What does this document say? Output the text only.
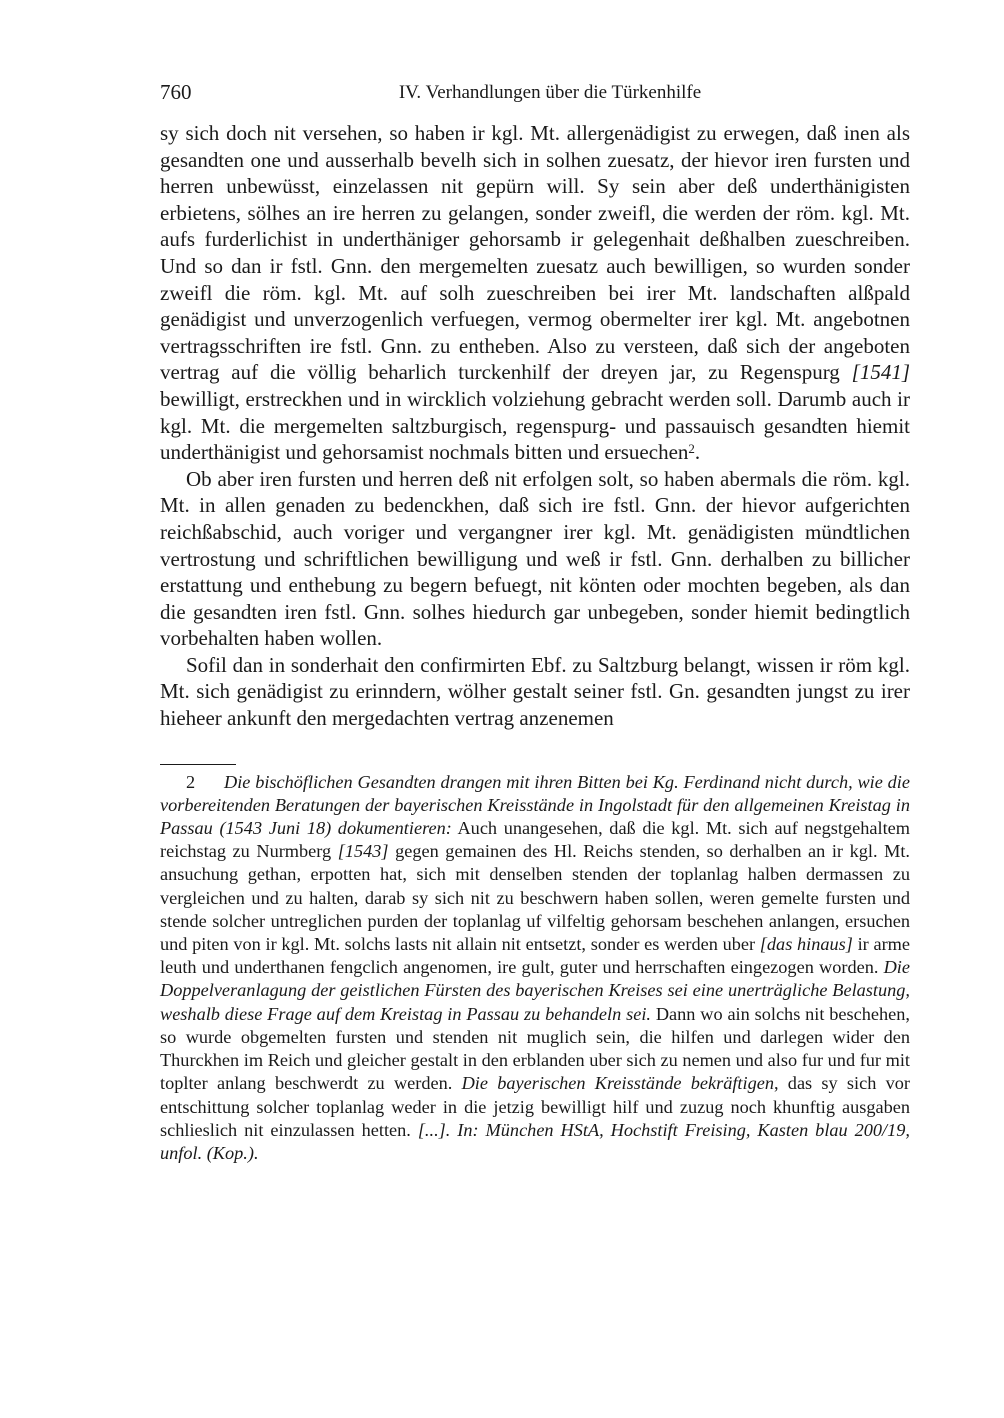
760	IV. Verhandlungen über die Türkenhilfe

sy sich doch nit versehen, so haben ir kgl. Mt. allergenädigist zu erwegen, daß inen als gesandten one und ausserhalb bevelh sich in solhen zuesatz, der hievor iren fursten und herren unbewüsst, einzelassen nit gepürn will. Sy sein aber deß underthänigisten erbietens, sölhes an ire herren zu gelangen, sonder zweifl, die werden der röm. kgl. Mt. aufs furderlichist in underthäniger gehorsamb ir gelegenhait deßhalben zueschreiben. Und so dan ir fstl. Gnn. den mergemelten zuesatz auch bewilligen, so wurden sonder zweifl die röm. kgl. Mt. auf solh zueschreiben bei irer Mt. landschaften alßpald genädigist und unverzogenlich verfuegen, vermog obermelter irer kgl. Mt. angebotnen vertragsschriften ire fstl. Gnn. zu entheben. Also zu versteen, daß sich der angeboten vertrag auf die völlig beharlich turckenhilf der dreyen jar, zu Regenspurg [1541] bewilligt, erstreckhen und in wircklich volziehung gebracht werden soll. Darumb auch ir kgl. Mt. die mergemelten saltzburgisch, regenspurg- und passauisch gesandten hiemit underthänigist und gehorsamist nochmals bitten und ersuechen$^2$.

Ob aber iren fursten und herren deß nit erfolgen solt, so haben abermals die röm. kgl. Mt. in allen genaden zu bedenckhen, daß sich ire fstl. Gnn. der hievor aufgerichten reichßabschid, auch voriger und vergangner irer kgl. Mt. genädigisten mündtlichen vertrostung und schriftlichen bewilligung und weß ir fstl. Gnn. derhalben zu billicher erstattung und enthebung zu begern befuegt, nit könten oder mochten begeben, als dan die gesandten iren fstl. Gnn. solhes hiedurch gar unbegeben, sonder hiemit bedingtlich vorbehalten haben wollen.

Sofil dan in sonderhait den confirmirten Ebf. zu Saltzburg belangt, wissen ir röm kgl. Mt. sich genädigist zu erinndern, wölher gestalt seiner fstl. Gn. gesandten jungst zu irer hieheer ankunft den mergedachten vertrag anzenemen

2 Die bischöflichen Gesandten drangen mit ihren Bitten bei Kg. Ferdinand nicht durch, wie die vorbereitenden Beratungen der bayerischen Kreisstände in Ingolstadt für den allgemeinen Kreistag in Passau (1543 Juni 18) dokumentieren: Auch unangesehen, daß die kgl. Mt. sich auf negstgehaltem reichstag zu Nurmberg [1543] gegen gemainen des Hl. Reichs stenden, so derhalben an ir kgl. Mt. ansuchung gethan, erpotten hat, sich mit denselben stenden der toplanlag halben dermassen zu vergleichen und zu halten, darab sy sich nit zu beschwern haben sollen, weren gemelte fursten und stende solcher untreglichen purden der toplanlag uf vilfeltig gehorsam beschehen anlangen, ersuchen und piten von ir kgl. Mt. solchs lasts nit allain nit entsetzt, sonder es werden uber [das hinaus] ir arme leuth und underthanen fengclich angenomen, ire gult, guter und herrschaften eingezogen worden. Die Doppelveranlagung der geistlichen Fürsten des bayerischen Kreises sei eine unerträgliche Belastung, weshalb diese Frage auf dem Kreistag in Passau zu behandeln sei. Dann wo ain solchs nit beschehen, so wurde obgemelten fursten und stenden nit muglich sein, die hilfen und darlegen wider den Thurckhen im Reich und gleicher gestalt in den erblanden uber sich zu nemen und also fur und fur mit toplter anlang beschwerdt zu werden. Die bayerischen Kreisstände bekräftigen, das sy sich vor entschittung solcher toplanlag weder in die jetzig bewilligt hilf und zuzug noch khunftig ausgaben schlieslich nit einzulassen hetten. [...]. In: München HStA, Hochstift Freising, Kasten blau 200/19, unfol. (Kop.).
